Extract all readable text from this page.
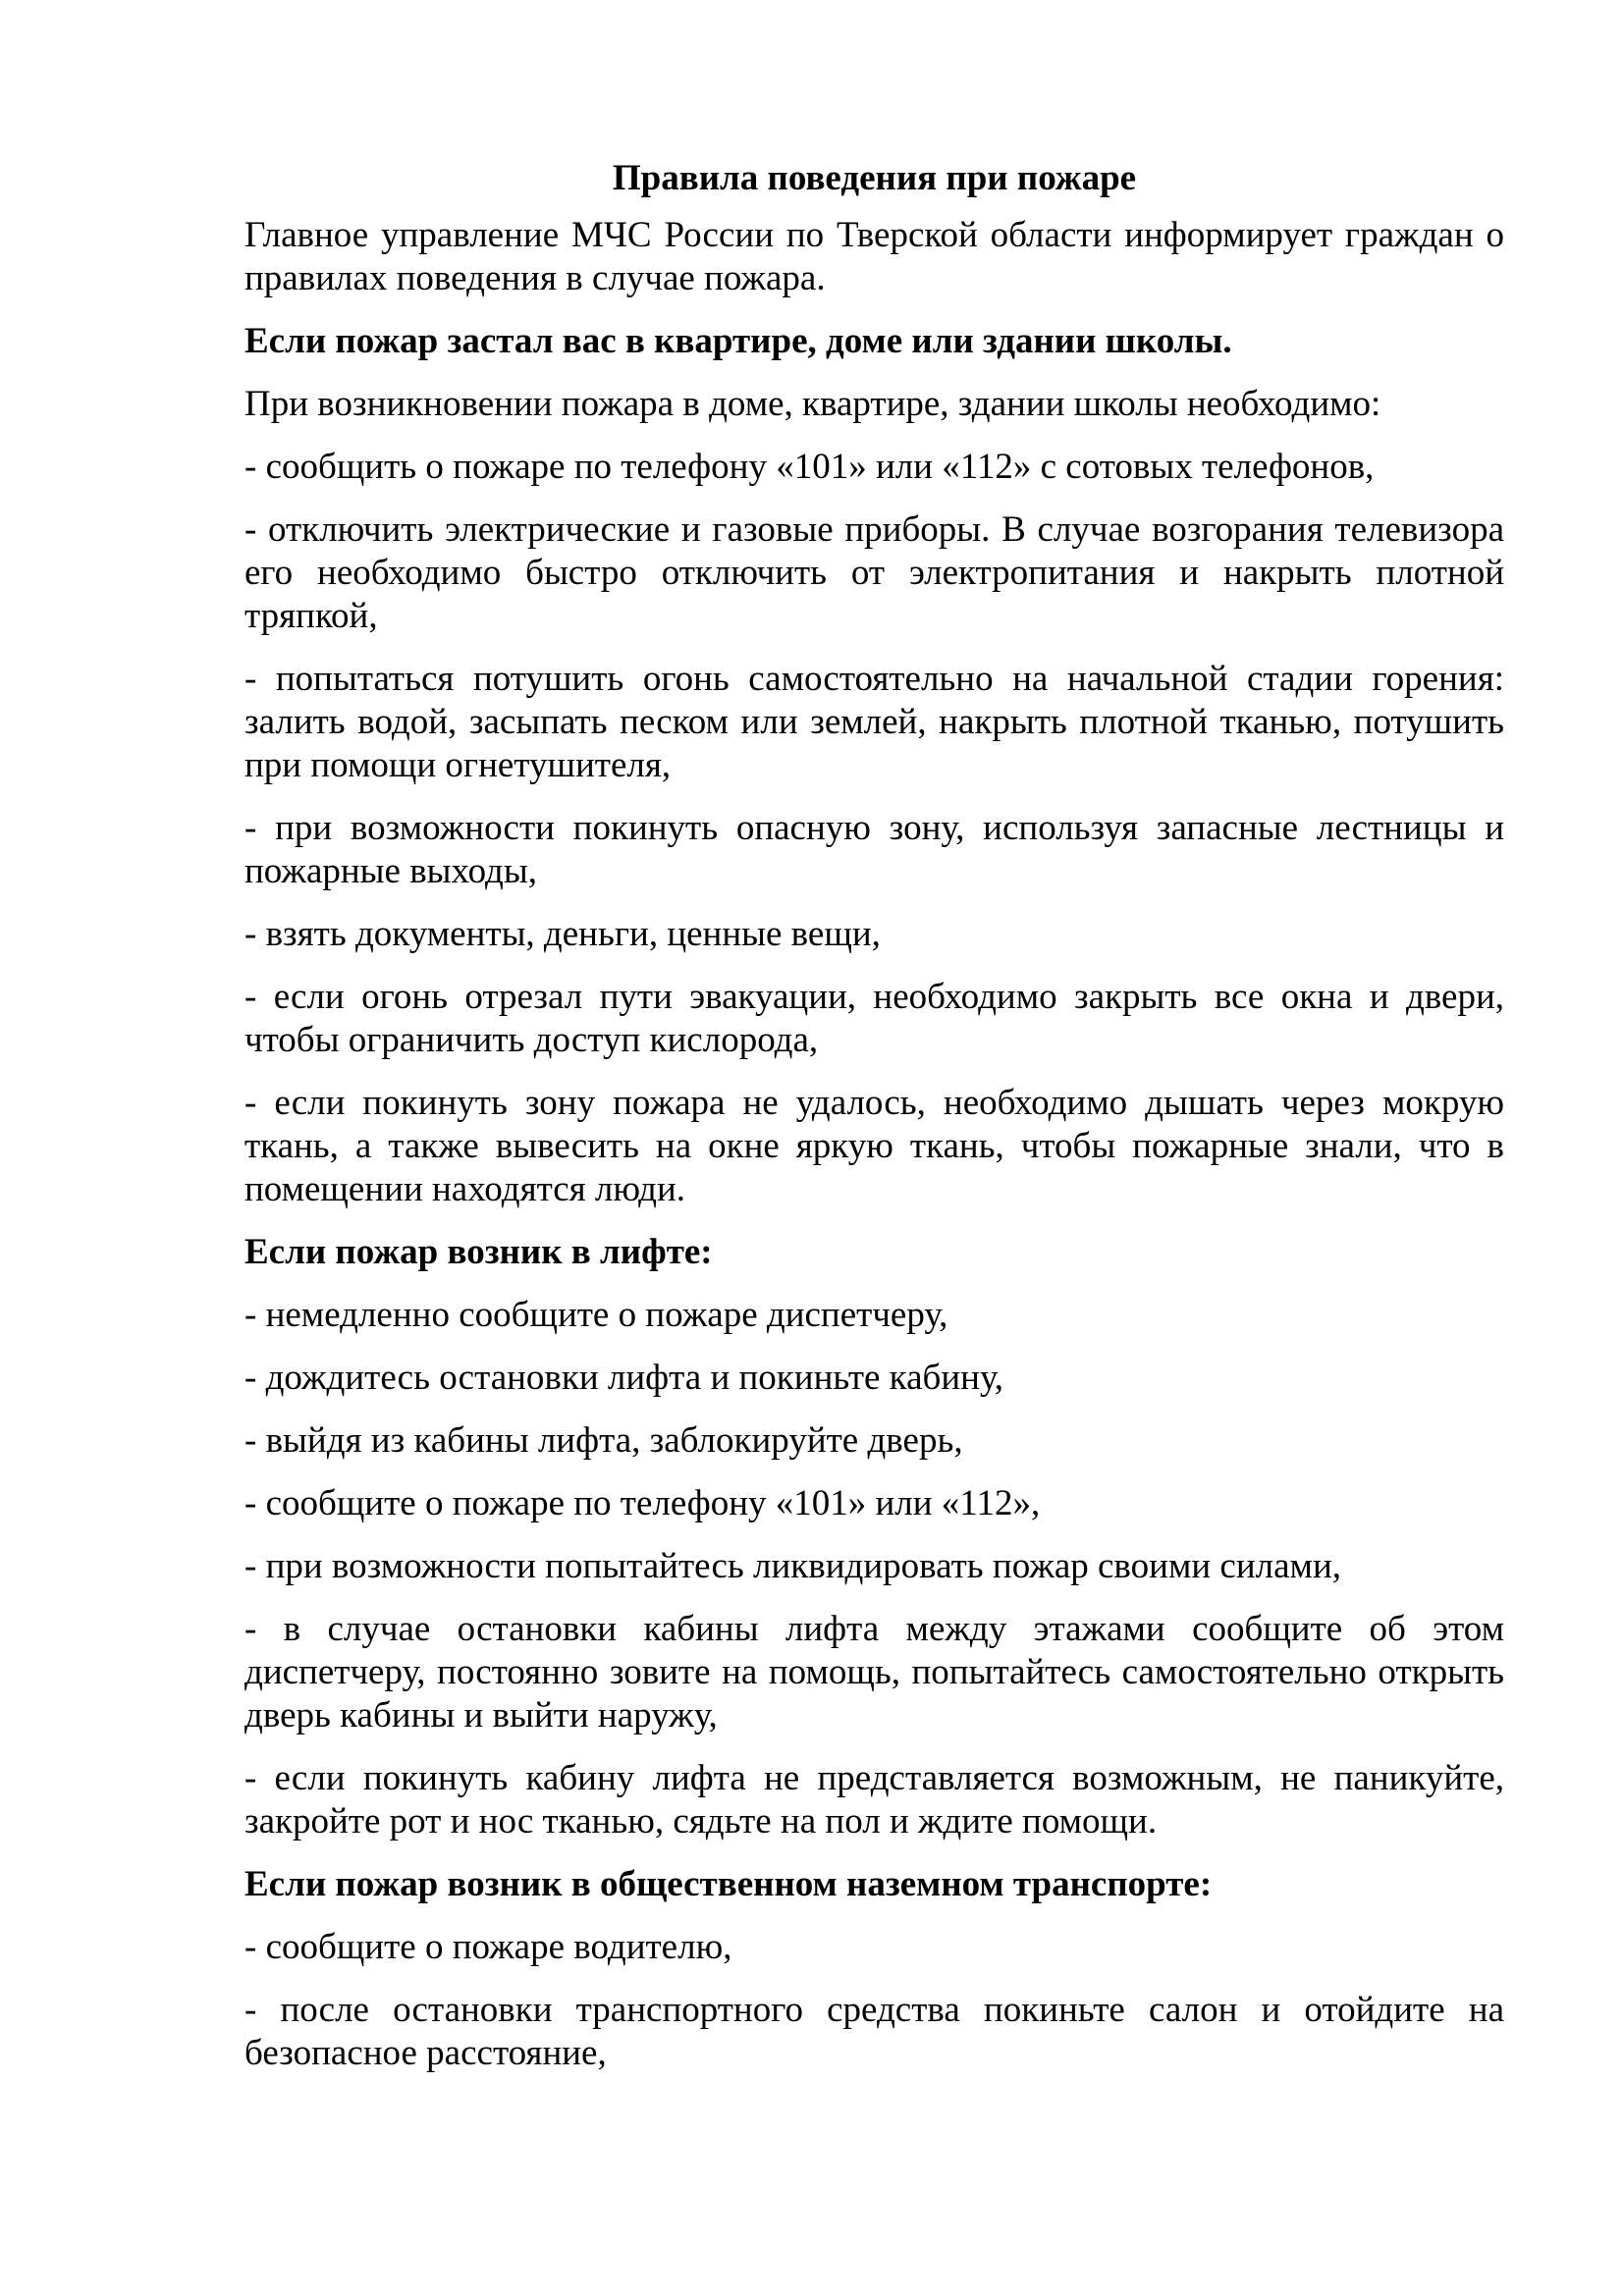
Правила поведения при пожаре
Главное управление МЧС России по Тверской области информирует граждан о правилах поведения в случае пожара.
Если пожар застал вас в квартире, доме или здании школы.
При возникновении пожара в доме, квартире, здании школы необходимо:
- сообщить о пожаре по телефону «101» или «112» с сотовых телефонов,
- отключить электрические и газовые приборы. В случае возгорания телевизора его необходимо быстро отключить от электропитания и накрыть плотной тряпкой,
- попытаться потушить огонь самостоятельно на начальной стадии горения: залить водой, засыпать песком или землей, накрыть плотной тканью, потушить при помощи огнетушителя,
- при возможности покинуть опасную зону, используя запасные лестницы и пожарные выходы,
- взять документы, деньги, ценные вещи,
- если огонь отрезал пути эвакуации, необходимо закрыть все окна и двери, чтобы ограничить доступ кислорода,
- если покинуть зону пожара не удалось, необходимо дышать через мокрую ткань, а также вывесить на окне яркую ткань, чтобы пожарные знали, что в помещении находятся люди.
Если пожар возник в лифте:
- немедленно сообщите о пожаре диспетчеру,
- дождитесь остановки лифта и покиньте кабину,
- выйдя из кабины лифта, заблокируйте дверь,
- сообщите о пожаре по телефону «101» или «112»,
- при возможности попытайтесь ликвидировать пожар своими силами,
- в случае остановки кабины лифта между этажами сообщите об этом диспетчеру, постоянно зовите на помощь, попытайтесь самостоятельно открыть дверь кабины и выйти наружу,
- если покинуть кабину лифта не представляется возможным, не паникуйте, закройте рот и нос тканью, сядьте на пол и ждите помощи.
Если пожар возник в общественном наземном транспорте:
- сообщите о пожаре водителю,
- после остановки транспортного средства покиньте салон и отойдите на безопасное расстояние,
